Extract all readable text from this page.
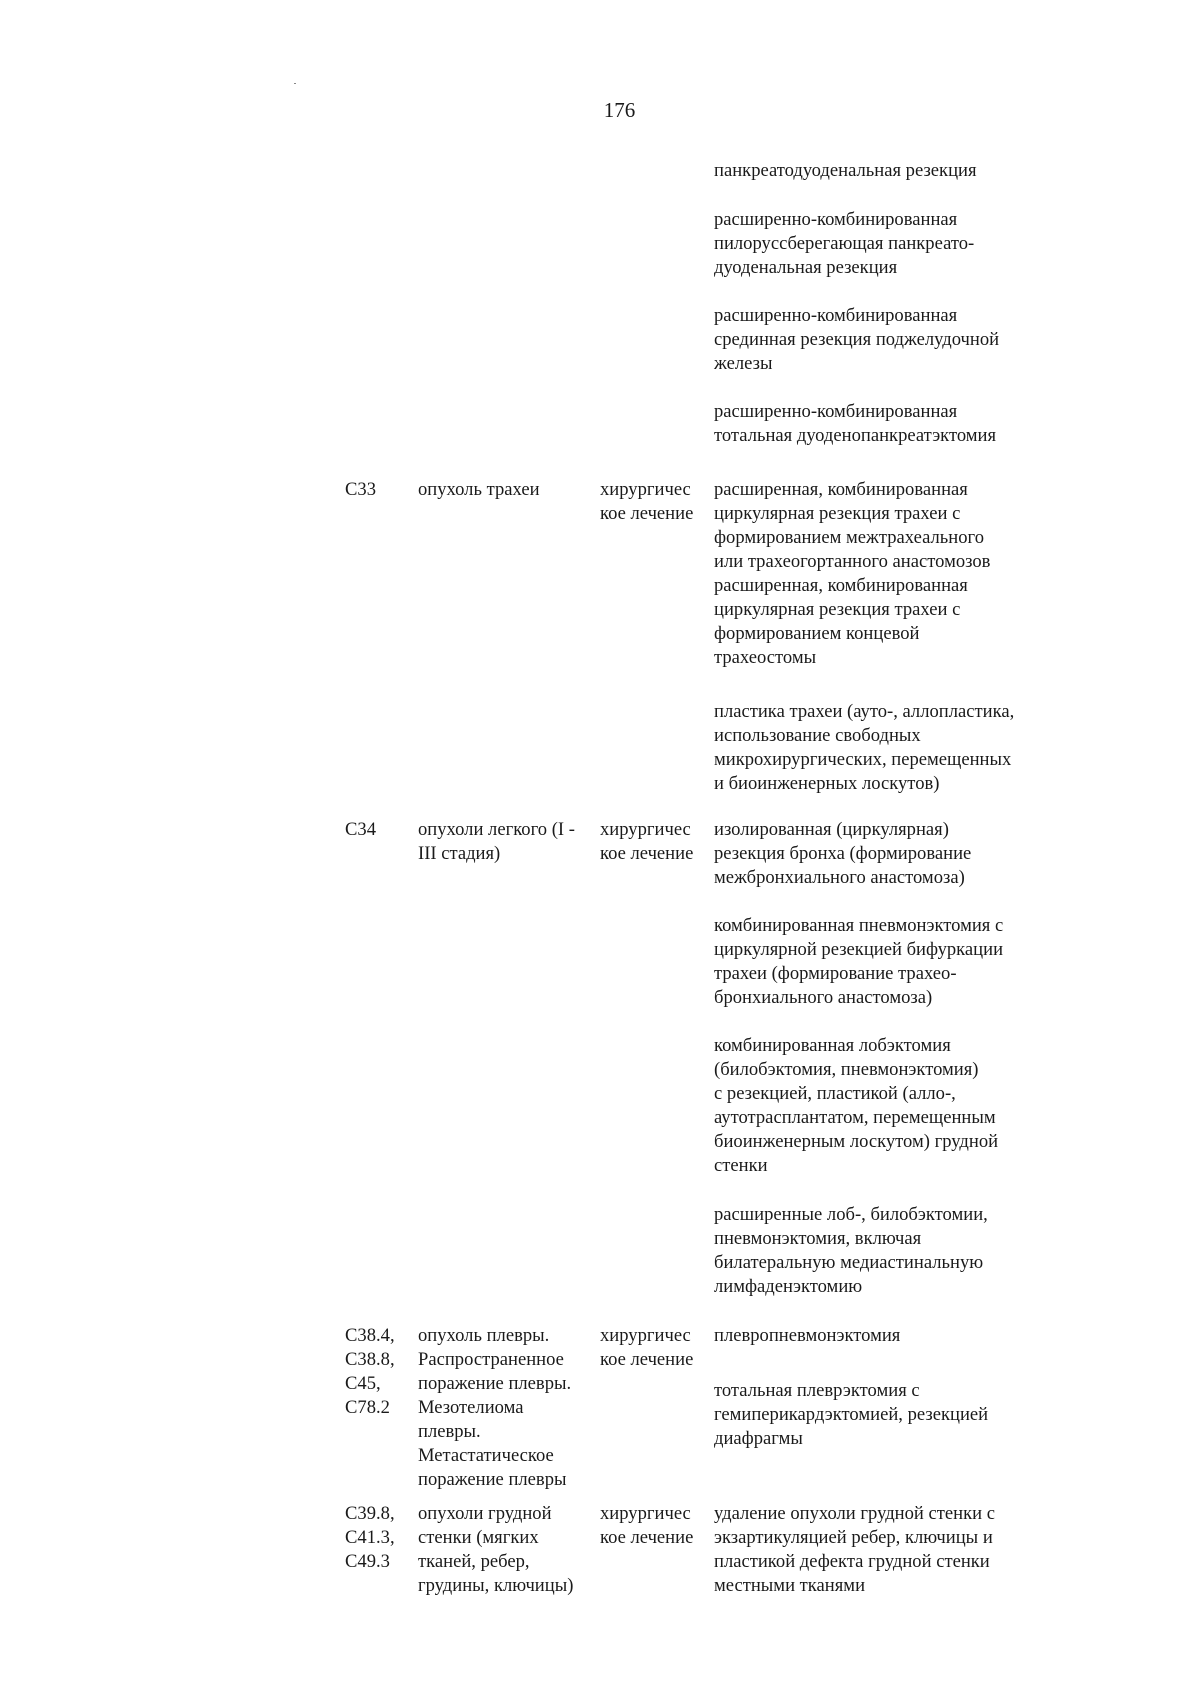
176
панкреатодуоденальная резекция
расширенно-комбинированная
пилоруссберегающая панкреато-
дуоденальная резекция
расширенно-комбинированная
срединная резекция поджелудочной
железы
расширенно-комбинированная
тотальная дуоденопанкреатэктомия
C33 опухоль трахеи	хирургичес
кое лечение
расширенная, комбинированная
циркулярная резекция трахеи с
формированием межтрахеального
или трахеогортанного анастомозов
расширенная, комбинированная
циркулярная резекция трахеи с
формированием концевой
трахеостомы
пластика трахеи (ауто-, аллопластика,
использование свободных
микрохирургических, перемещенных
и биоинженерных лоскутов)
C34 опухоли легкого (I -
III стадия)
хирургичес
кое лечение
изолированная (циркулярная)
резекция бронха (формирование
межбронхиального анастомоза)
комбинированная пневмонэктомия с
циркулярной резекцией бифуркации
трахеи (формирование трахео-
бронхиального анастомоза)
комбинированная лобэктомия
(билобэктомия, пневмонэктомия)
с резекцией, пластикой (алло-,
аутотрасплантатом, перемещенным
биоинженерным лоскутом) грудной
стенки
расширенные лоб-, билобэктомии,
пневмонэктомия, включая
билатеральную медиастинальную
лимфаденэктомию
C38.4,
C38.8,
C45,
C78.2
опухоль плевры.
Распространенное
поражение плевры.
Мезотелиома
плевры.
Метастатическое
поражение плевры
хирургичес
кое лечение
плевропневмонэктомия
тотальная плеврэктомия с
гемиперикардэктомией, резекцией
диафрагмы
C39.8,
C41.3,
C49.3
опухоли грудной
стенки (мягких
тканей, ребер,
грудины, ключицы)
хирургичес
кое лечение
удаление опухоли грудной стенки с
экзартикуляцией ребер, ключицы и
пластикой дефекта грудной стенки
местными тканями
